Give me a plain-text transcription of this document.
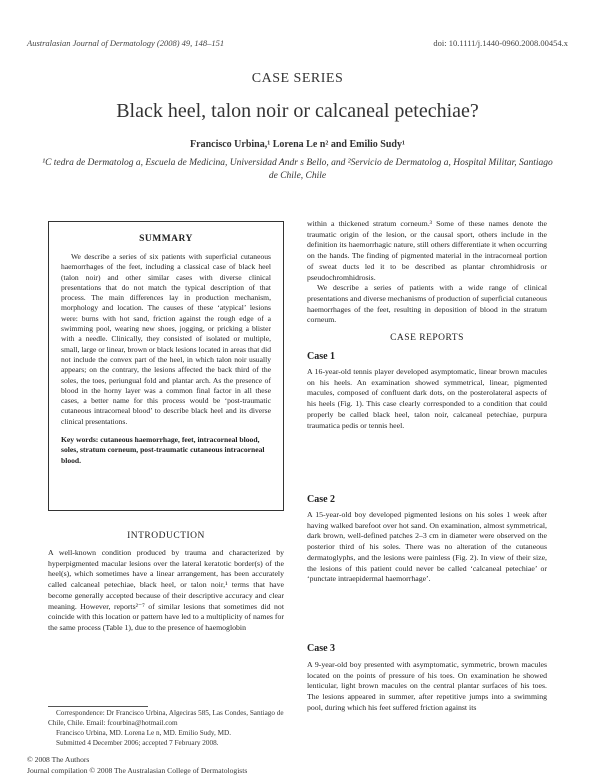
Australasian Journal of Dermatology (2008) 49, 148–151	doi: 10.1111/j.1440-0960.2008.00454.x
CASE SERIES
Black heel, talon noir or calcaneal petechiae?
Francisco Urbina,¹ Lorena Le n² and Emilio Sudy¹
¹C tedra de Dermatolog a, Escuela de Medicina, Universidad Andr s Bello, and ²Servicio de Dermatolog a, Hospital Militar, Santiago de Chile, Chile
SUMMARY
We describe a series of six patients with superficial cutaneous haemorrhages of the feet, including a classical case of black heel (talon noir) and other similar cases with diverse clinical presentations that do not match the typical description of that process. The main differences lay in production mechanism, morphology and location. The causes of these ‘atypical’ lesions were: burns with hot sand, friction against the rough edge of a swimming pool, wearing new shoes, jogging, or pricking a blister with a needle. Clinically, they consisted of isolated or multiple, small, large or linear, brown or black lesions located in areas that did not include the convex part of the heel, in which talon noir usually appears; on the contrary, the lesions affected the back third of the soles, the toes, periungual fold and plantar arch. As the presence of blood in the horny layer was a common final factor in all these cases, a better name for this process would be ‘post-traumatic cutaneous intracorneal blood’ to describe black heel and its diverse clinical presentations.
Key words: cutaneous haemorrhage, feet, intracorneal blood, soles, stratum corneum, post-traumatic cutaneous intracorneal blood.
INTRODUCTION

A well-known condition produced by trauma and characterized by hyperpigmented macular lesions over the lateral keratotic border(s) of the heel(s), which sometimes have a linear arrangement, has been accurately called calcaneal petechiae, black heel, or talon noir,¹ terms that have become generally accepted because of their descriptive accuracy and clear meaning. However, reports²⁻⁷ of similar lesions that sometimes did not coincide with this location or pattern have led to a multiplicity of names for the same process (Table 1), due to the presence of haemoglobin

Correspondence: Dr Francisco Urbina, Algeciras 585, Las Condes, Santiago de Chile, Chile. Email: fcourbina@hotmail.com
Francisco Urbina, MD. Lorena Le n, MD. Emilio Sudy, MD.
Submitted 4 December 2006; accepted 7 February 2008.

within a thickened stratum corneum.³ Some of these names denote the traumatic origin of the lesion, or the causal sport, others include in the definition its haemorrhagic nature, still others differentiate it when occurring on the hands. The finding of pigmented material in the intracorneal portion of sweat ducts led it to be described as plantar chromhidrosis or pseudochromhidrosis.

We describe a series of patients with a wide range of clinical presentations and diverse mechanisms of production of superficial cutaneous haemorrhages of the feet, resulting in deposition of blood in the stratum corneum.

CASE REPORTS
Case 1
A 16-year-old tennis player developed asymptomatic, linear brown macules on his heels. An examination showed symmetrical, linear, pigmented macules, composed of confluent dark dots, on the posterolateral aspects of his heels (Fig. 1). This case clearly corresponded to a condition that could properly be called black heel, talon noir, calcaneal petechiae, purpura traumatica pedis or tennis heel.
Case 2
A 15-year-old boy developed pigmented lesions on his soles 1 week after having walked barefoot over hot sand. On examination, almost symmetrical, dark brown, well-defined patches 2–3 cm in diameter were observed on the posterior third of his soles. There was no alteration of the cutaneous dermatoglyphs, and the lesions were painless (Fig. 2). In view of their size, the lesions of this patient could never be called ‘calcaneal petechiae’ or ‘punctate intraepidermal haemorrhage’.
Case 3
A 9-year-old boy presented with asymptomatic, symmetric, brown macules located on the points of pressure of his toes. On examination he showed lenticular, light brown macules on the central plantar surfaces of his toes. The lesions appeared in summer, after repetitive jumps into a swimming pool, during which his feet suffered friction against its
© 2008 The Authors
Journal compilation © 2008 The Australasian College of Dermatologists
